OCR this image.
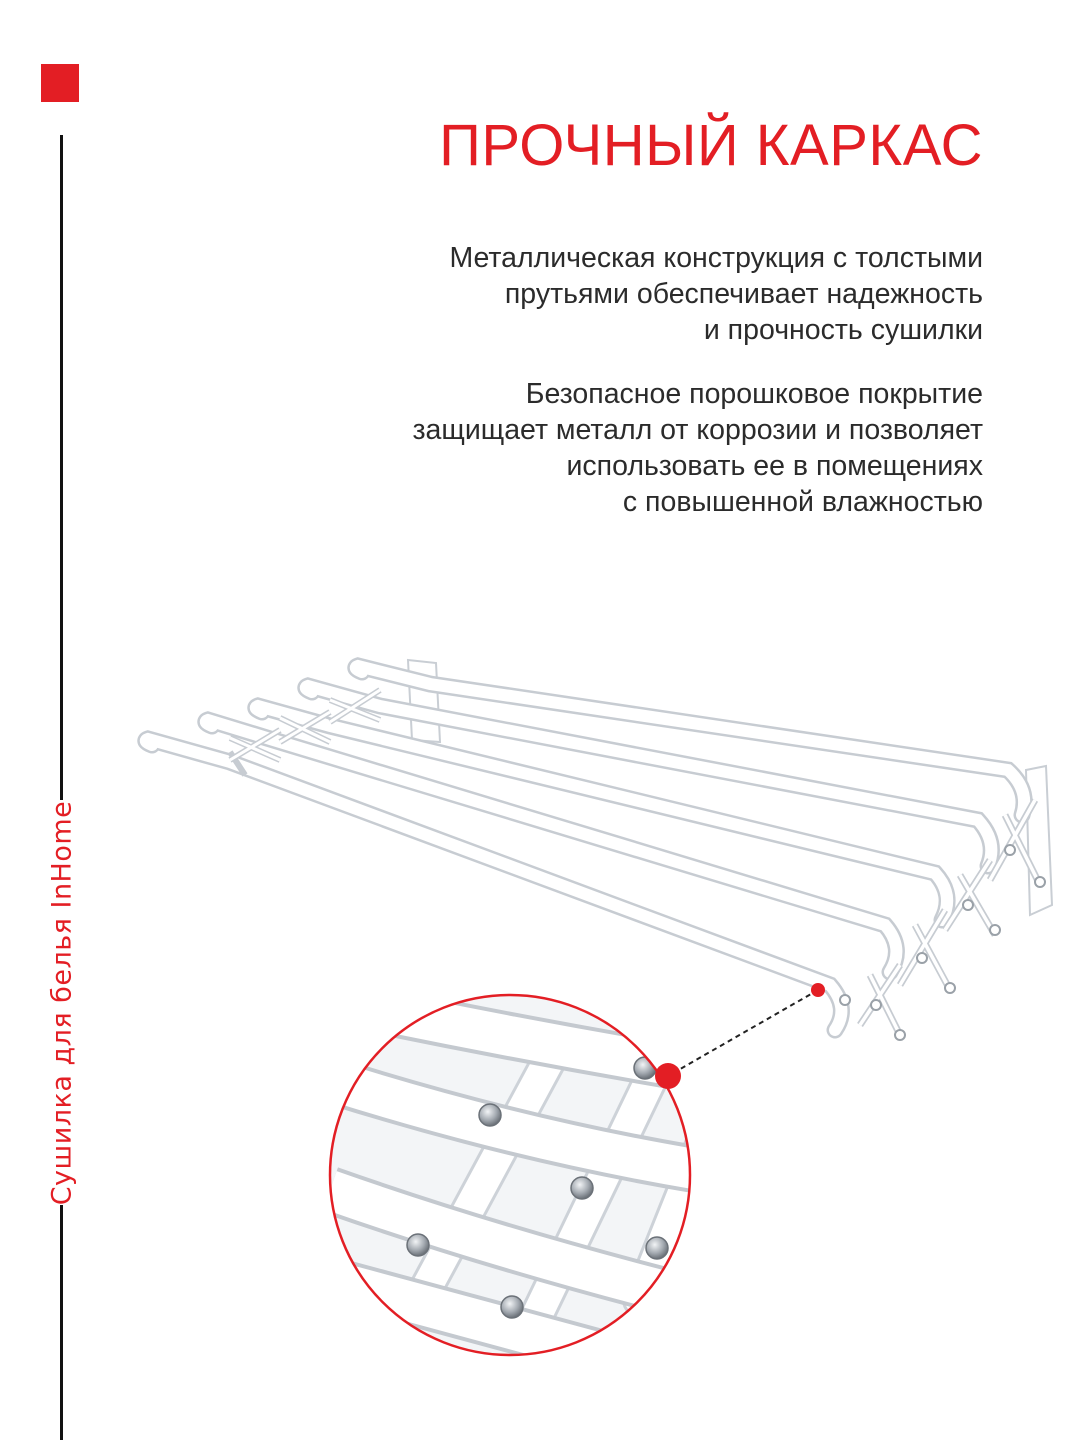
Сушилка для белья InHome
ПРОЧНЫЙ КАРКАС
Металлическая конструкция с толстыми
прутьями обеспечивает надежность
и прочность сушилки
Безопасное порошковое покрытие
защищает металл от коррозии и позволяет
использовать ее в помещениях
с повышенной влажностью
